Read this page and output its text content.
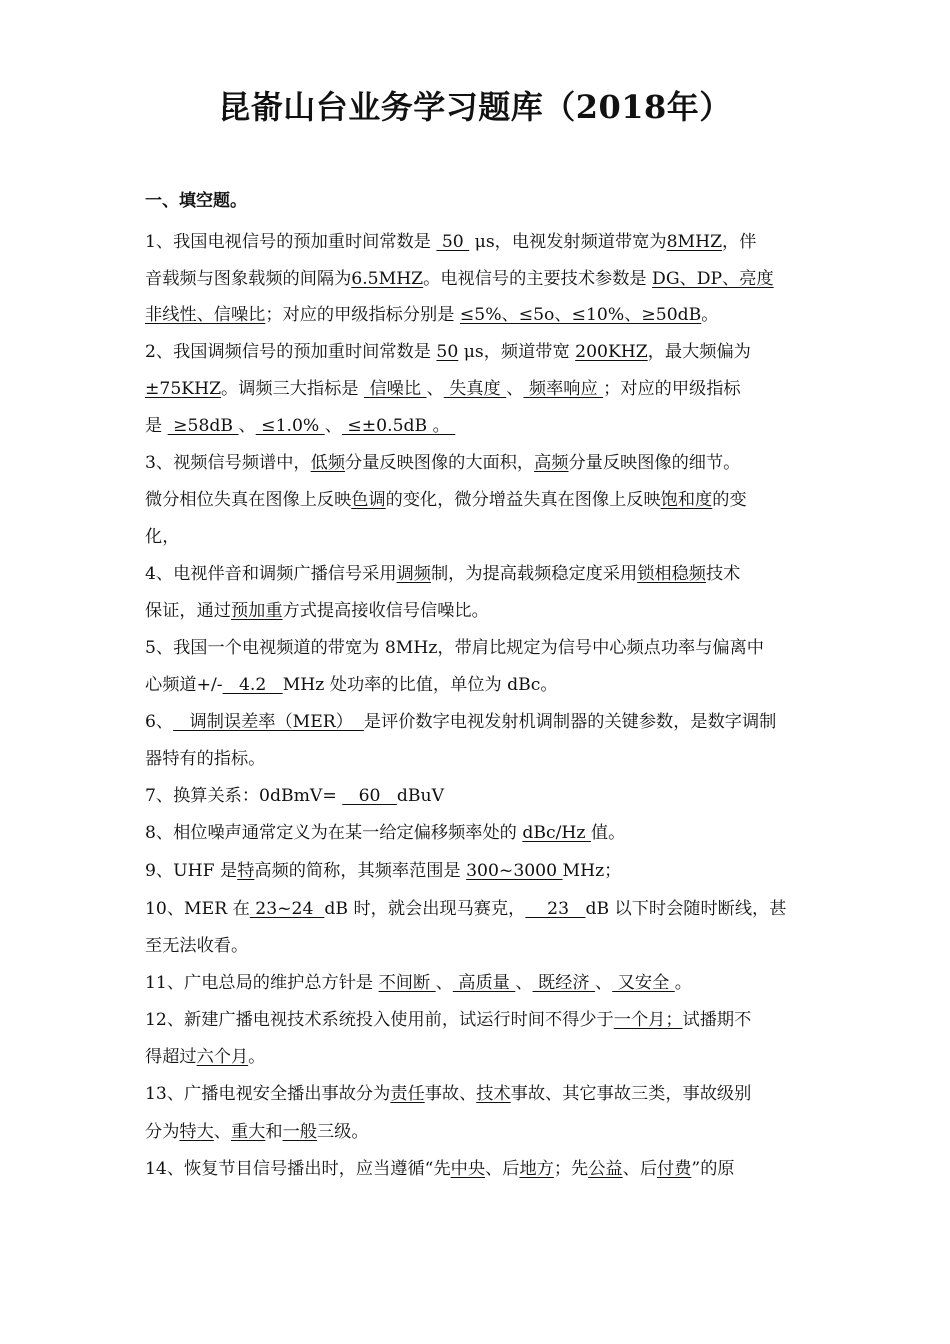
昆嵛山台业务学习题库（2018年）
一、填空题。
1、我国电视信号的预加重时间常数是  50  μs，电视发射频道带宽为8MHZ，伴
音载频与图象载频的间隔为6.5MHZ。电视信号的主要技术参数是 DG、DP、亮度
非线性、信噪比；对应的甲级指标分别是 ≤5%、≤5o、≤10%、≥50dB。
2、我国调频信号的预加重时间常数是 50 μs，频道带宽 200KHZ，最大频偏为
±75KHZ。调频三大指标是  信噪比 、 失真度 、 频率响应 ；对应的甲级指标
是  ≥58dB 、 ≤1.0% 、 ≤±0.5dB 。
3、视频信号频谱中，低频分量反映图像的大面积，高频分量反映图像的细节。
微分相位失真在图像上反映色调的变化，微分增益失真在图像上反映饱和度的变
化，
4、电视伴音和调频广播信号采用调频制，为提高载频稳定度采用锁相稳频技术
保证，通过预加重方式提高接收信号信噪比。
5、我国一个电视频道的带宽为 8MHz，带肩比规定为信号中心频点功率与偏离中
心频道+/-   4.2   MHz 处功率的比值，单位为 dBc。
6、   调制误差率（MER）  是评价数字电视发射机调制器的关键参数，是数字调制
器特有的指标。
7、换算关系：0dBmV=    60   dBuV
8、相位噪声通常定义为在某一给定偏移频率处的 dBc/Hz 值。
9、UHF 是特高频的简称，其频率范围是 300~3000 MHz；
10、MER 在 23~24  dB 时，就会出现马赛克，    23   dB 以下时会随时断线，甚
至无法收看。
11、广电总局的维护总方针是 不间断 、 高质量 、 既经济 、 又安全 。
12、新建广播电视技术系统投入使用前，试运行时间不得少于一个月；试播期不
得超过六个月。
13、广播电视安全播出事故分为责任事故、技术事故、其它事故三类，事故级别
分为特大、重大和一般三级。
14、恢复节目信号播出时，应当遵循“先中央、后地方；先公益、后付费”的原
